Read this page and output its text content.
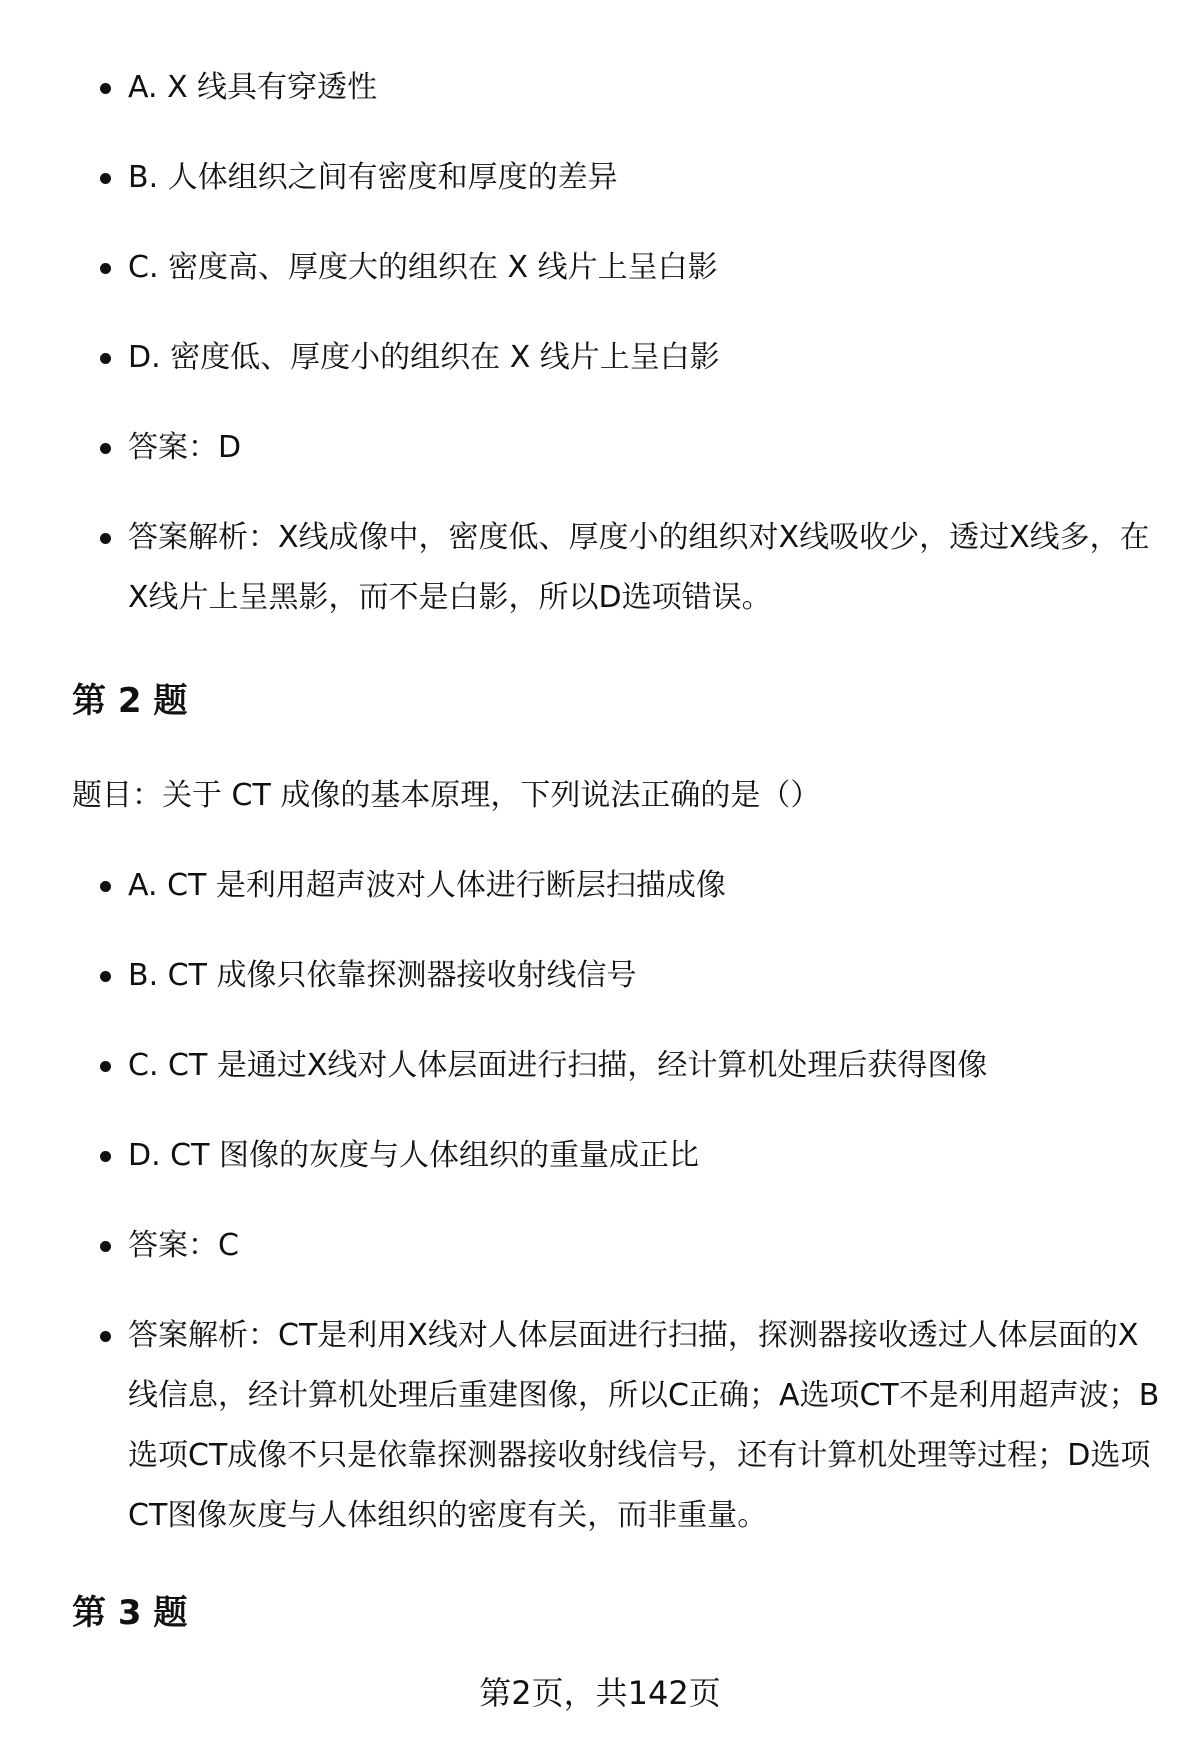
A. X 线具有穿透性
B. 人体组织之间有密度和厚度的差异
C. 密度高、厚度大的组织在 X 线片上呈白影
D. 密度低、厚度小的组织在 X 线片上呈白影
答案：D
答案解析：X线成像中，密度低、厚度小的组织对X线吸收少，透过X线多，在X线片上呈黑影，而不是白影，所以D选项错误。
第 2 题
题目：关于 CT 成像的基本原理，下列说法正确的是（）
A. CT 是利用超声波对人体进行断层扫描成像
B. CT 成像只依靠探测器接收射线信号
C. CT 是通过X线对人体层面进行扫描，经计算机处理后获得图像
D. CT 图像的灰度与人体组织的重量成正比
答案：C
答案解析：CT是利用X线对人体层面进行扫描，探测器接收透过人体层面的X线信息，经计算机处理后重建图像，所以C正确；A选项CT不是利用超声波；B选项CT成像不只是依靠探测器接收射线信号，还有计算机处理等过程；D选项CT图像灰度与人体组织的密度有关，而非重量。
第 3 题
第2页，共142页
